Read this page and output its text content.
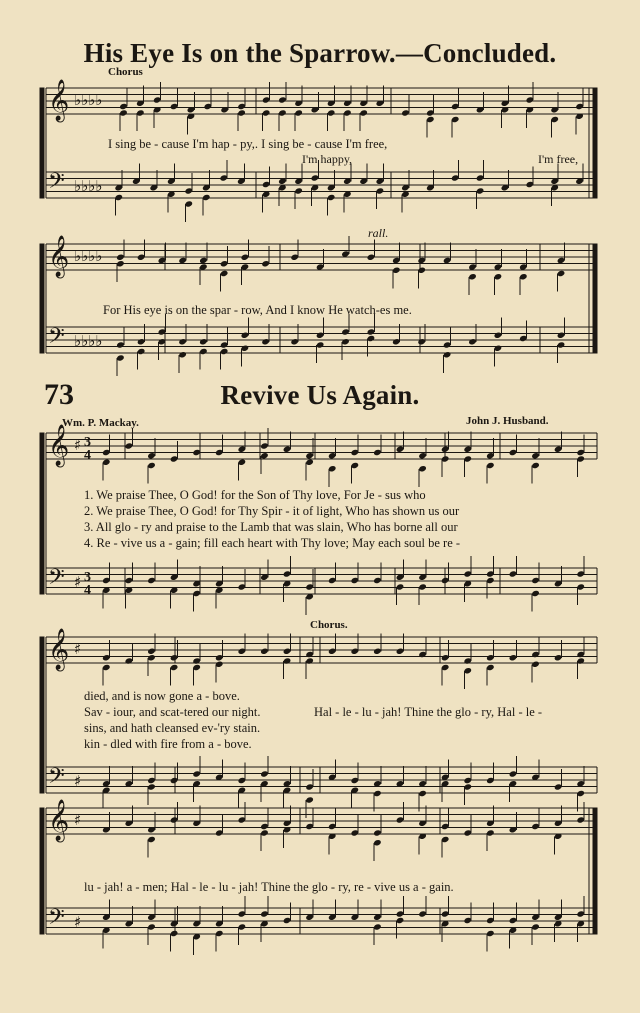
His Eye Is on the Sparrow.—Concluded.
𝄞
𝄢
♭♭♭♭
♭♭♭♭
𝄞
𝄢
♭♭♭♭
♭♭♭♭
𝄞
𝄢
♯
♯
𝄞
𝄢
♯
♯
𝄞
𝄢
♯
♯
3
4
3
4
Chorus
I sing be - cause I'm hap - py,. I sing be - cause I'm free,
I'm happy,	I'm free,
rall.
For His eye is on the spar - row, And I know He watch-es me.
73	Revive Us Again.
Wm. P. Mackay.	John J. Husband.
1. We praise Thee, O God! for the Son of Thy love, For Je - sus who
2. We praise Thee, O God! for Thy Spir - it of light, Who has shown us our
3. All glo - ry and praise to the Lamb that was slain, Who has borne all our
4. Re - vive us a - gain; fill each heart with Thy love; May each soul be re -
died, and is now gone a - bove.
Sav - iour, and scat-tered our night.
sins, and hath cleansed ev-'ry stain.
kin - dled with fire from a - bove.
Chorus.
Hal - le - lu - jah! Thine the glo - ry, Hal - le -
lu - jah! a - men; Hal - le - lu - jah! Thine the glo - ry, re - vive us a - gain.
